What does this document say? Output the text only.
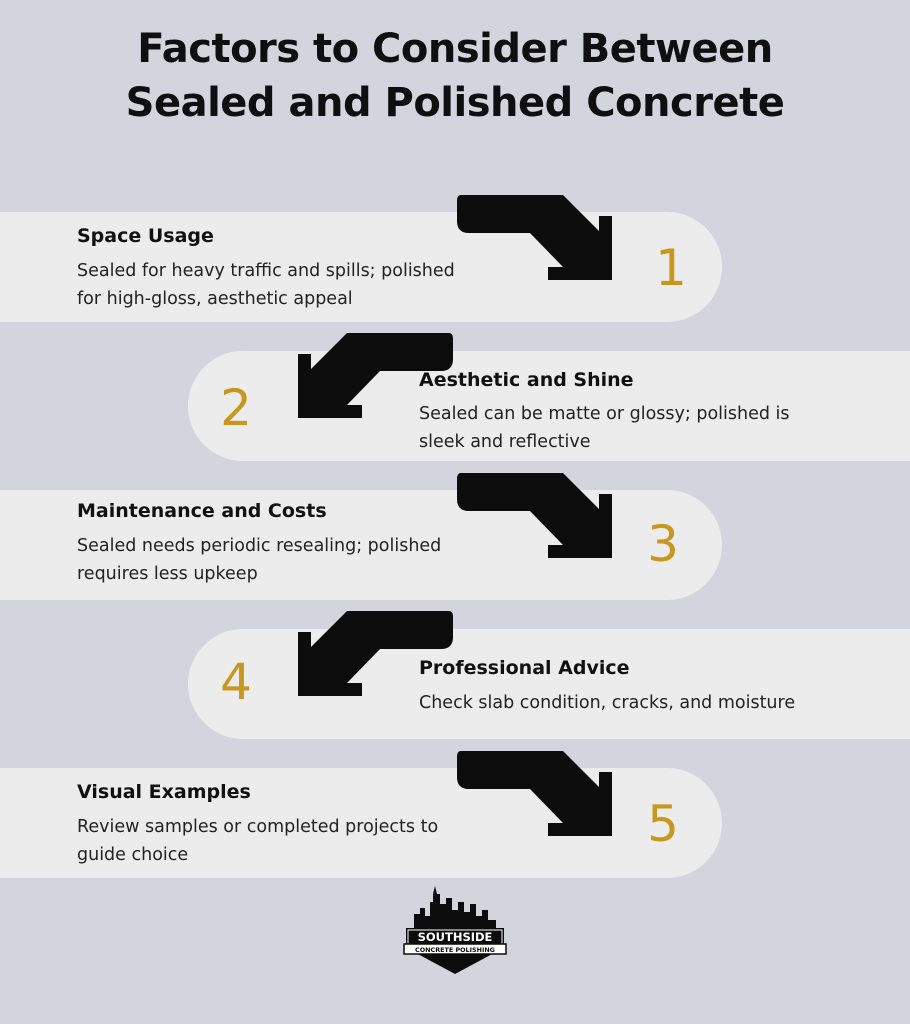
Factors to Consider Between
Sealed and Polished Concrete
Space Usage

Sealed for heavy traffic and spills; polished
for high-gloss, aesthetic appeal

1
2	Aesthetic and Shine

Sealed can be matte or glossy; polished is
sleek and reflective

Maintenance and Costs

Sealed needs periodic resealing; polished
requires less upkeep

3
4	Professional Advice

Check slab condition, cracks, and moisture

Visual Examples

Review samples or completed projects to
guide choice

5
SOUTHSIDE
CONCRETE POLISHING
